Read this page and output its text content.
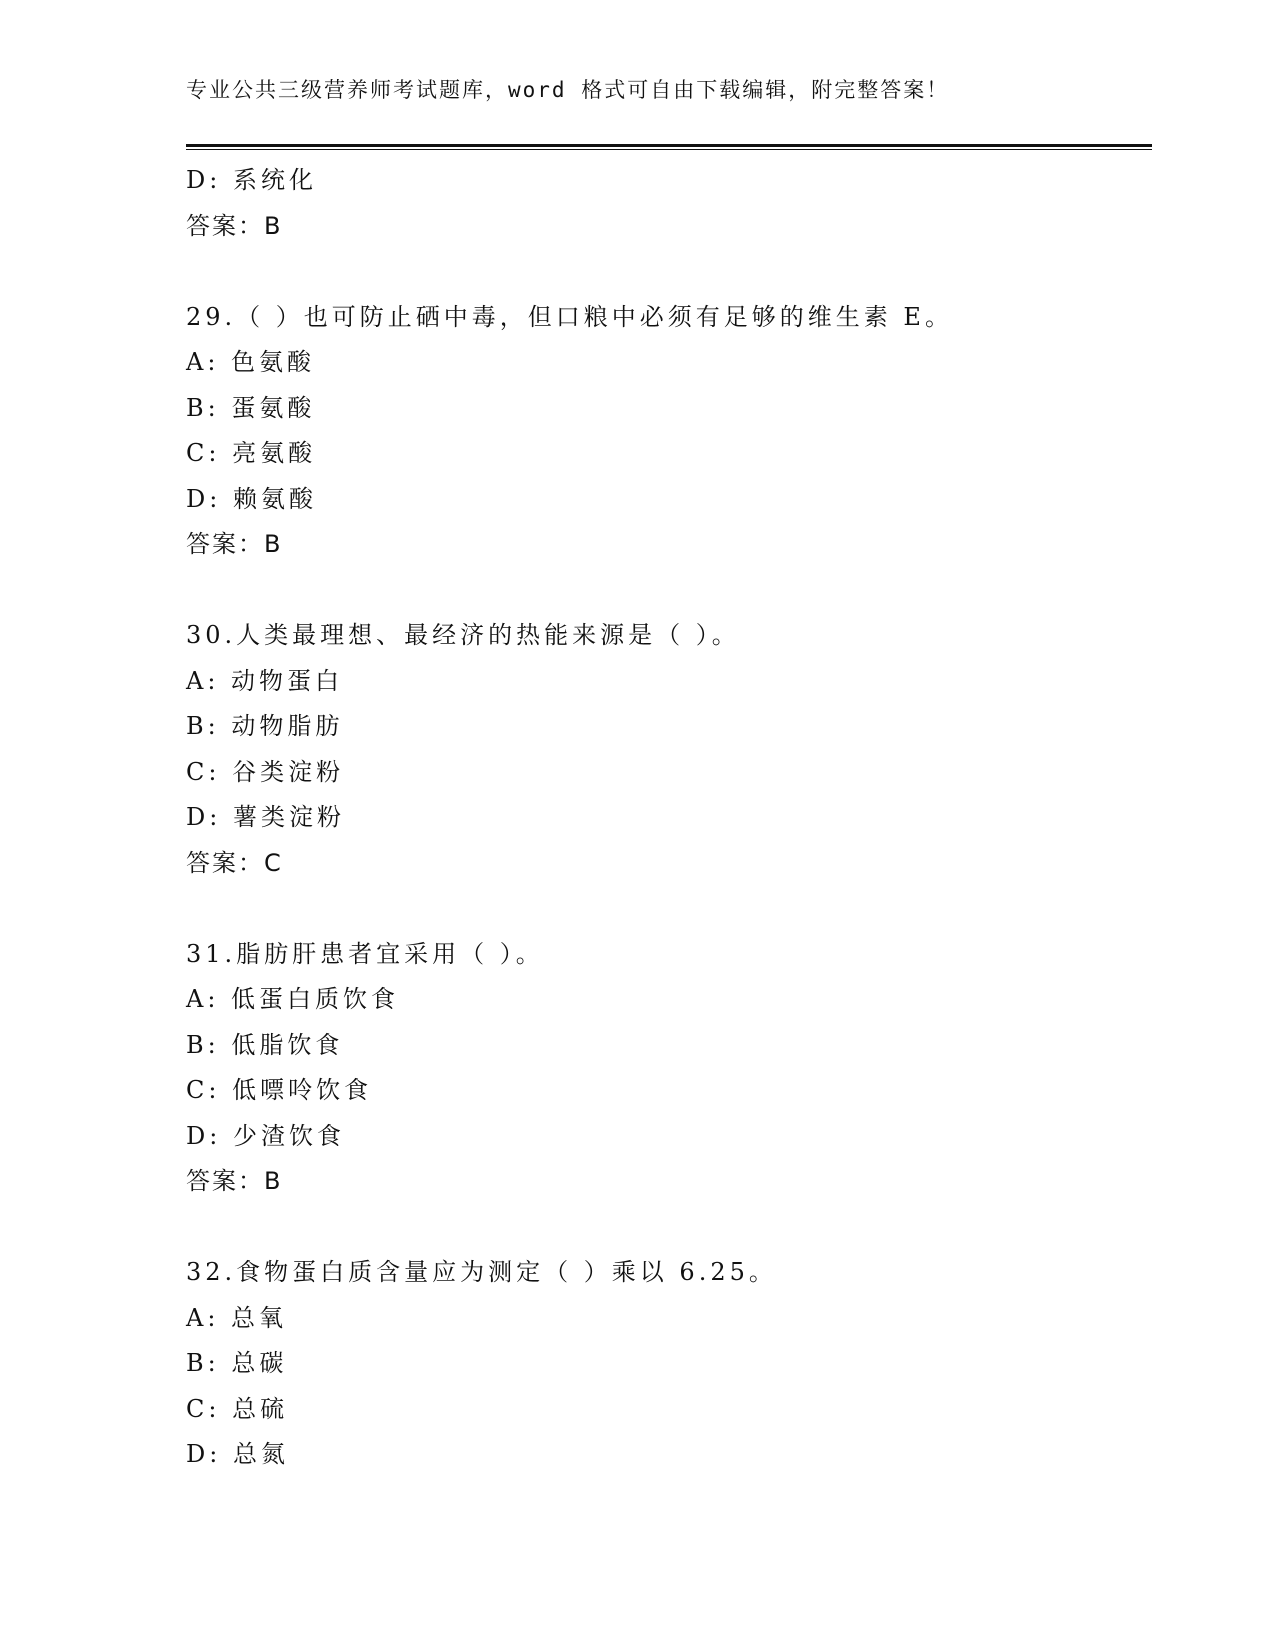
专业公共三级营养师考试题库，word 格式可自由下载编辑，附完整答案！
D: 系统化
答案：B
29.（ ）也可防止硒中毒，但口粮中必须有足够的维生素 E。
A: 色氨酸
B: 蛋氨酸
C: 亮氨酸
D: 赖氨酸
答案：B
30.人类最理想、最经济的热能来源是（ ）。
A: 动物蛋白
B: 动物脂肪
C: 谷类淀粉
D: 薯类淀粉
答案：C
31.脂肪肝患者宜采用（ ）。
A: 低蛋白质饮食
B: 低脂饮食
C: 低嘌呤饮食
D: 少渣饮食
答案：B
32.食物蛋白质含量应为测定（ ）乘以 6.25。
A: 总氧
B: 总碳
C: 总硫
D: 总氮
